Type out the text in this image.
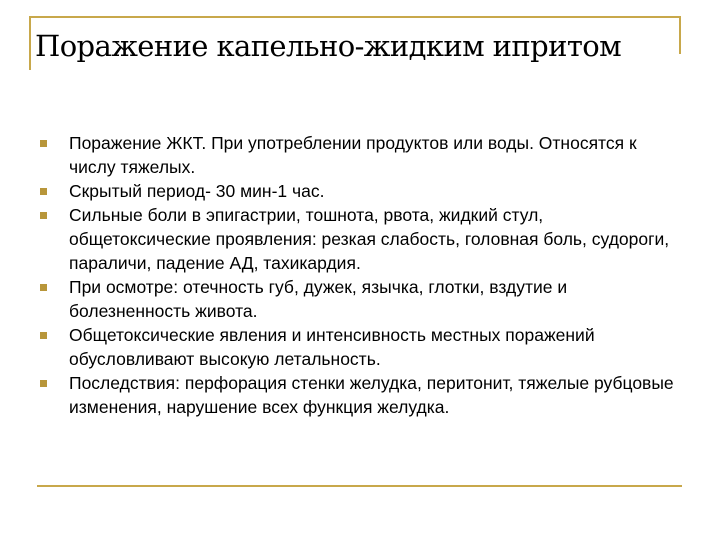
Поражение капельно-жидким ипритом
Поражение ЖКТ. При употреблении продуктов или воды. Относятся к числу тяжелых.
Скрытый период- 30 мин-1 час.
Сильные боли в эпигастрии, тошнота, рвота, жидкий стул, общетоксические проявления: резкая слабость, головная боль, судороги, параличи, падение АД, тахикардия.
При осмотре: отечность губ, дужек, язычка, глотки, вздутие и болезненность живота.
Общетоксические явления и интенсивность местных поражений обусловливают высокую летальность.
Последствия: перфорация стенки желудка, перитонит, тяжелые рубцовые изменения, нарушение всех функция желудка.
